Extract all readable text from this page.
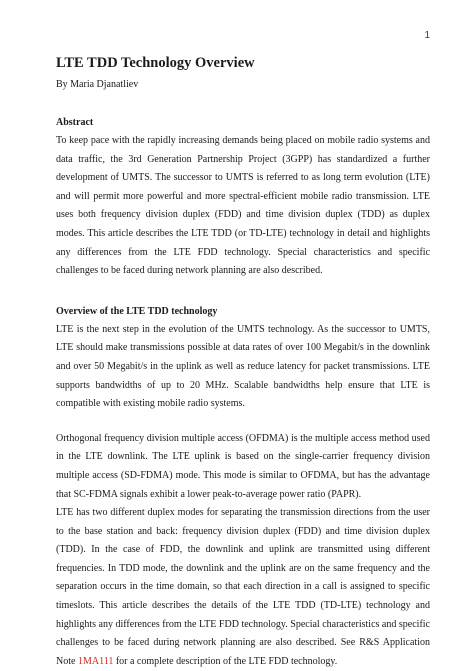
1
LTE TDD Technology Overview
By Maria Djanatliev
Abstract

To keep pace with the rapidly increasing demands being placed on mobile radio systems and data traffic, the 3rd Generation Partnership Project (3GPP) has standardized a further development of UMTS. The successor to UMTS is referred to as long term evolution (LTE) and will permit more powerful and more spectral-efficient mobile radio transmission. LTE uses both frequency division duplex (FDD) and time division duplex (TDD) as duplex modes. This article describes the LTE TDD (or TD-LTE) technology in detail and highlights any differences from the LTE FDD technology. Special characteristics and specific challenges to be faced during network planning are also described.

Overview of the LTE TDD technology

LTE is the next step in the evolution of the UMTS technology. As the successor to UMTS, LTE should make transmissions possible at data rates of over 100 Megabit/s in the downlink and over 50 Megabit/s in the uplink as well as reduce latency for packet transmissions. LTE supports bandwidths of up to 20 MHz. Scalable bandwidths help ensure that LTE is compatible with existing mobile radio systems.

Orthogonal frequency division multiple access (OFDMA) is the multiple access method used in the LTE downlink. The LTE uplink is based on the single-carrier frequency division multiple access (SD-FDMA) mode. This mode is similar to OFDMA, but has the advantage that SC-FDMA signals exhibit a lower peak-to-average power ratio (PAPR).

LTE has two different duplex modes for separating the transmission directions from the user to the base station and back: frequency division duplex (FDD) and time division duplex (TDD). In the case of FDD, the downlink and uplink are transmitted using different frequencies. In TDD mode, the downlink and the uplink are on the same frequency and the separation occurs in the time domain, so that each direction in a call is assigned to specific timeslots. This article describes the details of the LTE TDD (TD-LTE) technology and highlights any differences from the LTE FDD technology. Special characteristics and specific challenges to be faced during network planning are also described. See R&S Application Note 1MA111 for a complete description of the LTE FDD technology.
